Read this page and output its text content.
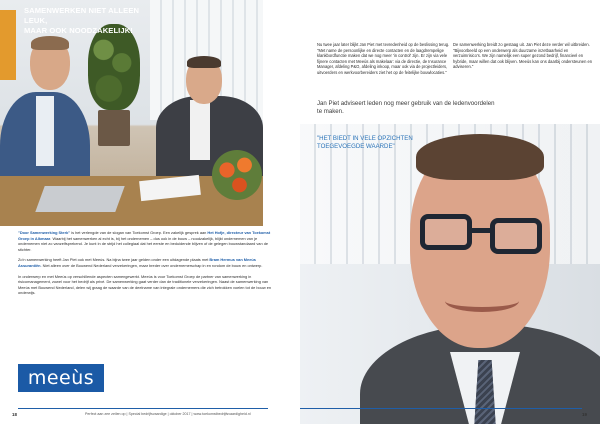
SAMENWERKEN NIET ALLEEN LEUK,
MAAR OOK NOODZAKELIJK!

"Door Samenwerking Sterk" is het verlengde van de slogan van Toekomst Groep. Een zakelijk gesprek aan Het Hofje, directeur van Toekomst Groep in Alkmaar. Waarbij het samenwerken al echt is, bij het ondernemen – dus ook in de bouw – noodzakelijk, blijkt ondernemen van je ondernemen niet zo vanzelfsprekend. Je kunt in de strijd het collegiaal dat het eerste en beduidende blijven of de gelegen bouwstandaard van de stichter.

Zo’n samenwerking heeft Jan Piet ook met Meeùs. Na bijna twee jaar gelden onder een uitdagende plaats met Bram Hermus van Meeùs Assurantiën. Niet alleen over de Bouwend Nederland verzekeringen, maar breder over ondernemerschap in en rondom de bouw en ontwerp.

In onderwerp en met Meeùs op verschillende aspecten samengewerkt. Meeùs is voor Toekomst Groep de partner van samenwerking in risicomanagement, zowel voor het bedrijf als privé. De samenwerking gaat verder dan de traditionele verzekeringen. Naast de samenwerking van Meeùs met Bouwend Nederland, delen wij graag de waarde van de deelname van integrale ondernemers die zich betrokken voelen tot de bouw en onderwijs.

meeùs
18	Perfect aan zee zeilen op | Special bedrijfsvaardige | oktober 2017 | www.toekomstbedrijfsvaardigheid.nl

Nu twee jaar later blijkt Jan Piet met tevredenheid op de beslissing terug. "Met name de persoonlijke en directe contacten en de laagdrempelige klankbordfunctie maken dat we nog meer 'in control' zijn. Er zijn via vele fijnere contacten met Meeùs als makelaar: via de directie, de Insurance Manager, afdeling P&O, afdeling inkoop, maar ook via de projectleiders, uitvoerders en werkvoorbereiders ziet het op de feitelijke bouwlocaties."

De samenwerking breidt zo gestaag uit. Jan Piet deze verder wil uitbreiden. "Bijvoorbeeld op een onderwerp als duurzame inzetbaarheid en verzuimrisico’s. We zijn namelijk een super gezond bedrijf, financieel en hybride, maar willen dat ook blijven. Meeùs kan ons daarbij ondersteunen en adviseren."

Jan Piet adviseert leden nog meer gebruik van de ledenvoordelen te maken.

"HET BIEDT IN VELE OPZICHTEN TOEGEVOEGDE WAARDE"

19
